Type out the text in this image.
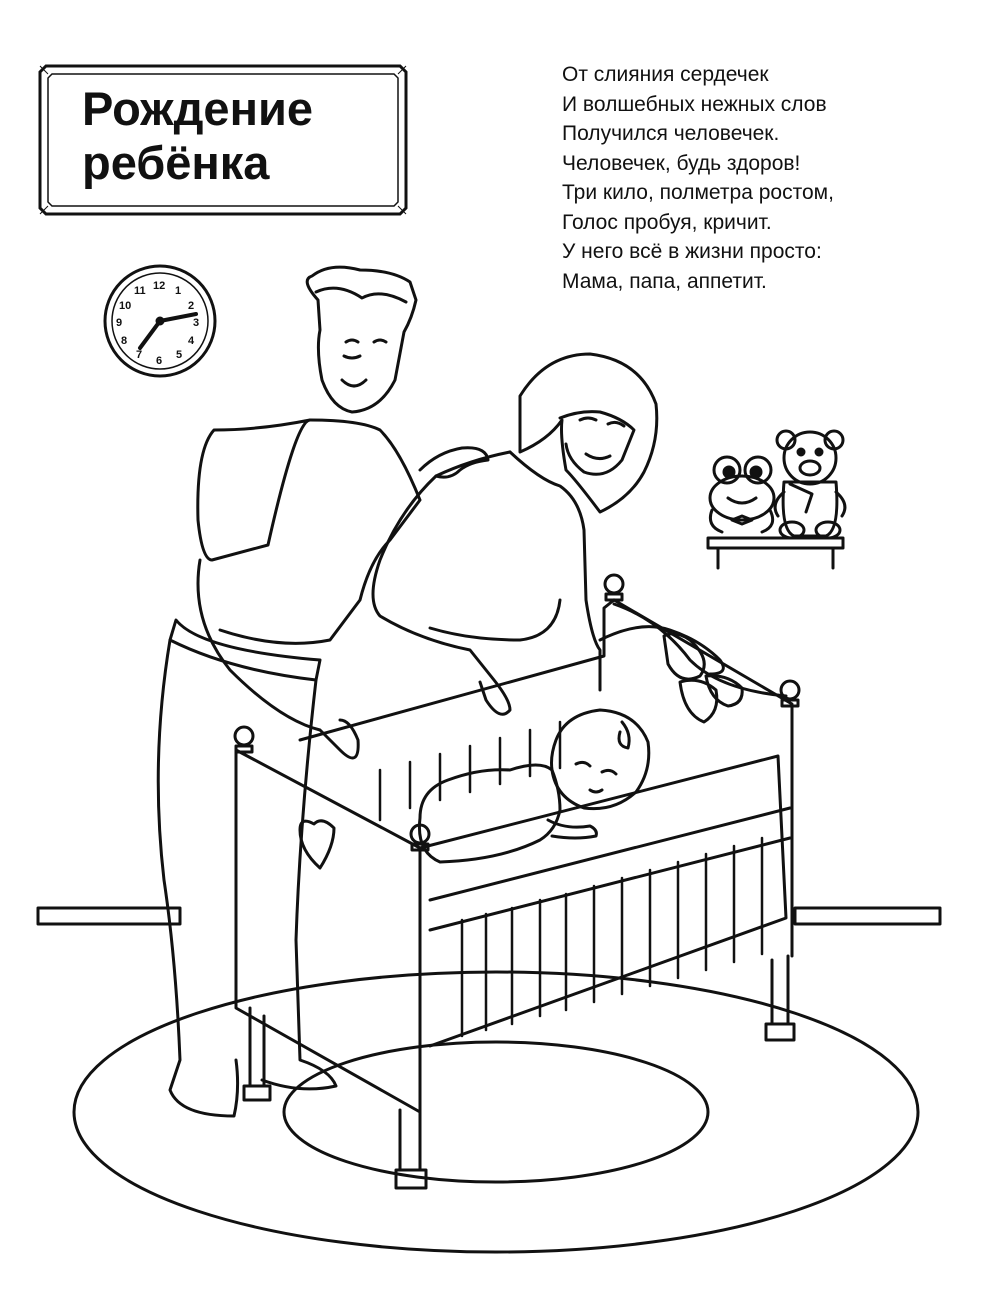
Рождение
ребёнка
От слияния сердечек
И волшебных нежных слов
Получился человечек.
Человечек, будь здоров!
Три кило, полметра ростом,
Голос пробуя, кричит.
У него всё в жизни просто:
Мама, папа, аппетит.
12 1
2
3
4
5
6
7
8
9
10
11
